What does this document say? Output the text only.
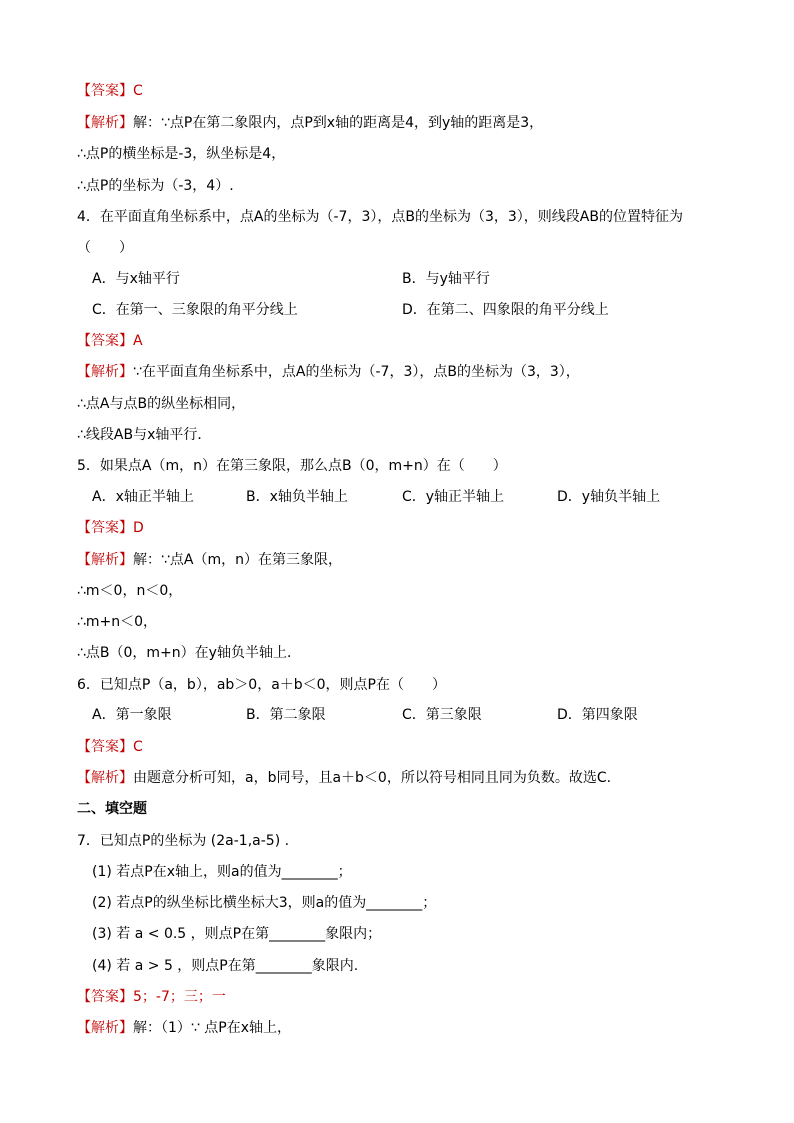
【答案】C
【解析】解：∵点P在第二象限内，点P到x轴的距离是4，到y轴的距离是3，
∴点P的横坐标是-3，纵坐标是4，
∴点P的坐标为（-3，4）.
4．在平面直角坐标系中，点A的坐标为（-7，3），点B的坐标为（3，3），则线段AB的位置特征为
（　　）
A．与x轴平行	B．与y轴平行
C．在第一、三象限的角平分线上	D．在第二、四象限的角平分线上
【答案】A
【解析】∵在平面直角坐标系中，点A的坐标为（-7，3），点B的坐标为（3，3），
∴点A与点B的纵坐标相同，
∴线段AB与x轴平行．
5．如果点A（m，n）在第三象限，那么点B（0，m+n）在（　　）
A．x轴正半轴上	B．x轴负半轴上	C．y轴正半轴上	D．y轴负半轴上
【答案】D
【解析】解：∵点A（m，n）在第三象限，
∴m＜0，n＜0，
∴m+n＜0，
∴点B（0，m+n）在y轴负半轴上．
6．已知点P（a，b），ab＞0，a＋b＜0，则点P在（　　）
A．第一象限	B．第二象限	C．第三象限	D．第四象限
【答案】C
【解析】由题意分析可知，a，b同号，且a＋b＜0，所以符号相同且同为负数。故选C.
二、填空题
7．已知点P的坐标为 (2a-1,a-5) .
(1) 若点P在x轴上，则a的值为________；
(2) 若点P的纵坐标比横坐标大3，则a的值为________；
(3) 若 a < 0.5 ，则点P在第________象限内；
(4) 若 a > 5 ，则点P在第________象限内.
【答案】5；-7；三；一
【解析】解：（1）∵ 点P在x轴上，
